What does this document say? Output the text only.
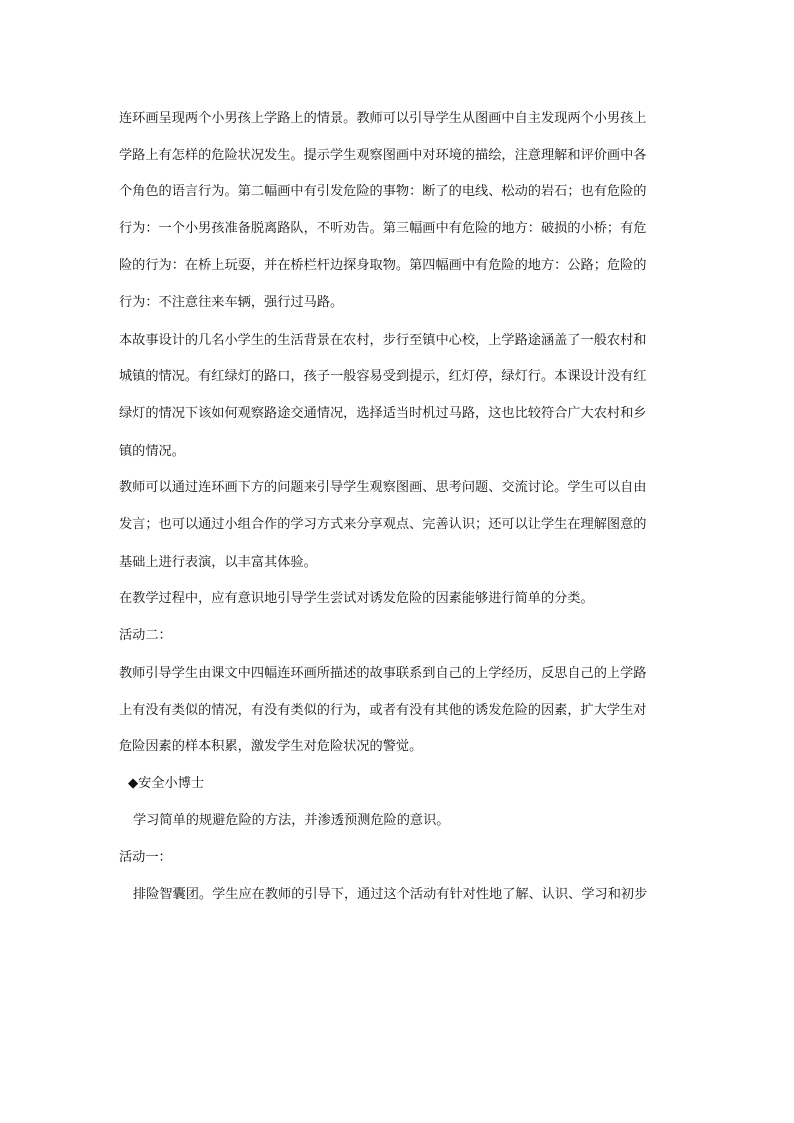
连环画呈现两个小男孩上学路上的情景。教师可以引导学生从图画中自主发现两个小男孩上
学路上有怎样的危险状况发生。提示学生观察图画中对环境的描绘，注意理解和评价画中各
个角色的语言行为。第二幅画中有引发危险的事物：断了的电线、松动的岩石；也有危险的
行为：一个小男孩准备脱离路队，不听劝告。第三幅画中有危险的地方：破损的小桥；有危
险的行为：在桥上玩耍，并在桥栏杆边探身取物。第四幅画中有危险的地方：公路；危险的
行为：不注意往来车辆，强行过马路。
本故事设计的几名小学生的生活背景在农村，步行至镇中心校，上学路途涵盖了一般农村和
城镇的情况。有红绿灯的路口，孩子一般容易受到提示，红灯停，绿灯行。本课设计没有红
绿灯的情况下该如何观察路途交通情况，选择适当时机过马路，这也比较符合广大农村和乡
镇的情况。
教师可以通过连环画下方的问题来引导学生观察图画、思考问题、交流讨论。学生可以自由
发言；也可以通过小组合作的学习方式来分享观点、完善认识；还可以让学生在理解图意的
基础上进行表演，以丰富其体验。
在教学过程中，应有意识地引导学生尝试对诱发危险的因素能够进行简单的分类。
活动二：
教师引导学生由课文中四幅连环画所描述的故事联系到自己的上学经历，反思自己的上学路
上有没有类似的情况，有没有类似的行为，或者有没有其他的诱发危险的因素，扩大学生对
危险因素的样本积累，激发学生对危险状况的警觉。
◆安全小博士
学习简单的规避危险的方法，并渗透预测危险的意识。
活动一：
排险智囊团。学生应在教师的引导下，通过这个活动有针对性地了解、认识、学习和初步
